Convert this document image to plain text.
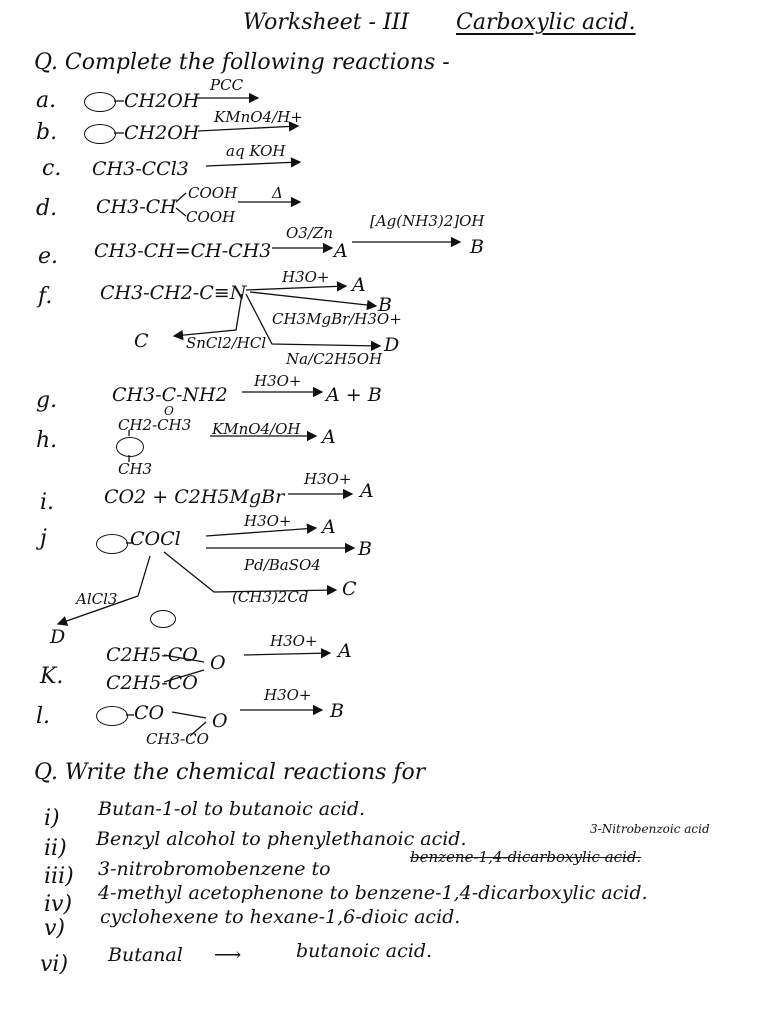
Worksheet - III Carboxylic acid.
Q. Complete the following reactions -
a.	CH2OH
PCC
b.	CH2OH
KMnO4/H+
c. CH3-CCl3
aq KOH
d. CH3-CH
COOH
COOH
Δ
e. CH3-CH=CH-CH3
O3/Zn
A
[Ag(NH3)2]OH
B
f.	CH3-CH2-C≡N
H3O+ A
CH3MgBr/H3O+
B
C SnCl2/HCl
Na/C2H5OH
D
g.	CH3-C
O
-NH2
H3O+
A + B
h.
CH2-CH3
CH3
KMnO4/OH A
i.	CO2 + C2H5MgBr
H3O+
A
j	COCl
H3O+ A
Pd/BaSO4
B
(CH3)2Cd C
AlCl3
D
K.
C2H5-CO
C2H5-CO
O
H3O+ A
l.	CO
CH3-CO
O
H3O+
B
Q. Write the chemical reactions for
i) Butan-1-ol to butanoic acid.
ii) Benzyl alcohol to phenylethanoic acid.	3-Nitrobenzoic acid
iii) 3-nitrobromobenzene to
benzene-1,4-dicarboxylic acid.
iv) 4-methyl acetophenone to benzene-1,4-dicarboxylic acid.
v) cyclohexene to hexane-1,6-dioic acid.
vi) Butanal ⟶	butanoic acid.
